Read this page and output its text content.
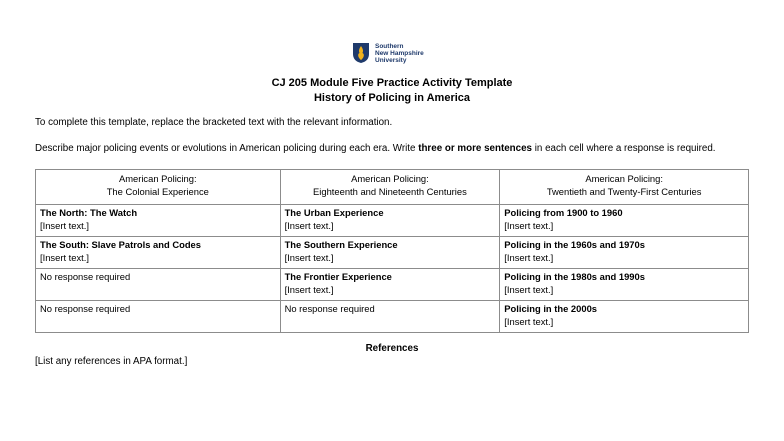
Southern
New Hampshire
University
CJ 205 Module Five Practice Activity Template
History of Policing in America
To complete this template, replace the bracketed text with the relevant information.
Describe major policing events or evolutions in American policing during each era. Write three or more sentences in each cell where a response is required.
American Policing:
The Colonial Experience	American Policing:
Eighteenth and Nineteenth Centuries	American Policing:
Twentieth and Twenty-First Centuries

The North: The Watch
[Insert text.]	The Urban Experience
[Insert text.]	Policing from 1900 to 1960
[Insert text.]

The South: Slave Patrols and Codes
[Insert text.]	The Southern Experience
[Insert text.]	Policing in the 1960s and 1970s
[Insert text.]

No response required	The Frontier Experience
[Insert text.]	Policing in the 1980s and 1990s
[Insert text.]

No response required	No response required	Policing in the 2000s
[Insert text.]
References
[List any references in APA format.]
